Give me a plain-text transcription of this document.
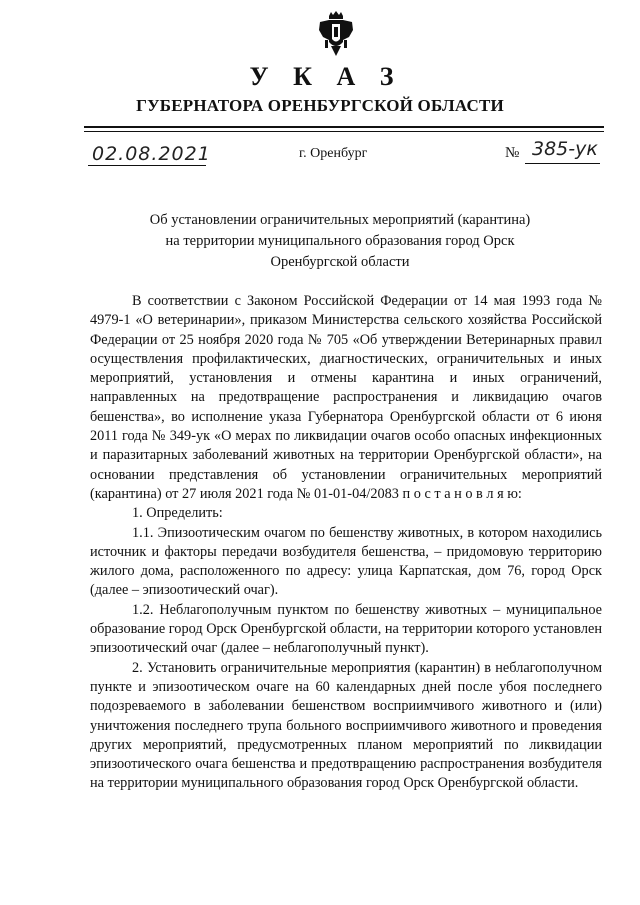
У К А З
ГУБЕРНАТОРА ОРЕНБУРГСКОЙ ОБЛАСТИ
02.08.2021	г. Оренбург	№ 385-ук
Об установлении ограничительных мероприятий (карантина)
на территории муниципального образования город Орск
Оренбургской области

В соответствии с Законом Российской Федерации от 14 мая 1993 года № 4979-1 «О ветеринарии», приказом Министерства сельского хозяйства Российской Федерации от 25 ноября 2020 года № 705 «Об утверждении Ветеринарных правил осуществления профилактических, диагностических, ограничительных и иных мероприятий, установления и отмены карантина и иных ограничений, направленных на предотвращение распространения и ликвидацию очагов бешенства», во исполнение указа Губернатора Оренбургской области от 6 июня 2011 года № 349-ук «О мерах по ликвидации очагов особо опасных инфекционных и паразитарных заболеваний животных на территории Оренбургской области», на основании представления об установлении ограничительных мероприятий (карантина) от 27 июля 2021 года № 01-01-04/2083 п о с т а н о в л я ю:

1. Определить:

1.1. Эпизоотическим очагом по бешенству животных, в котором находились источник и факторы передачи возбудителя бешенства, – придомовую территорию жилого дома, расположенного по адресу: улица Карпатская, дом 76, город Орск (далее – эпизоотический очаг).

1.2. Неблагополучным пунктом по бешенству животных – муниципальное образование город Орск Оренбургской области, на территории которого установлен эпизоотический очаг (далее – неблагополучный пункт).

2. Установить ограничительные мероприятия (карантин) в неблагополучном пункте и эпизоотическом очаге на 60 календарных дней после убоя последнего подозреваемого в заболевании бешенством восприимчивого животного и (или) уничтожения последнего трупа больного восприимчивого животного и проведения других мероприятий, предусмотренных планом мероприятий по ликвидации эпизоотического очага бешенства и предотвращению распространения возбудителя на территории муниципального образования город Орск Оренбургской области.
